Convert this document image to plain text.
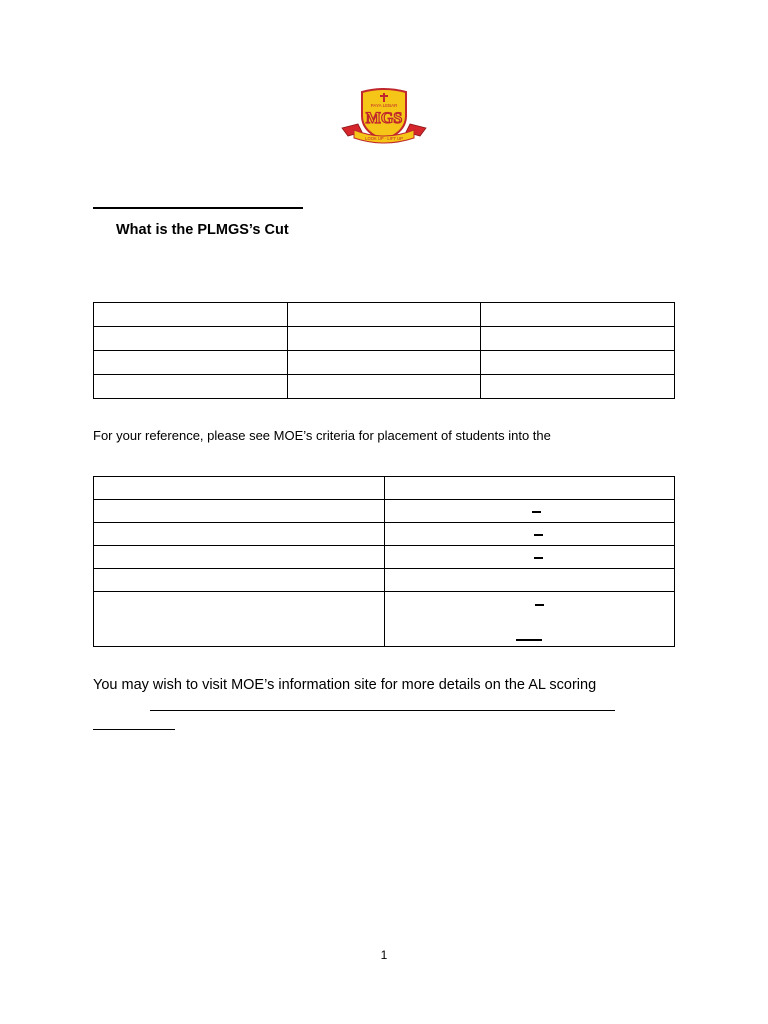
PAYA LEBAR
MGS
LOOK UP · LIFT UP
What is the PLMGS’s Cut

For your reference, please see MOE’s criteria for placement of students into the

You may wish to visit MOE’s information site for more details on the AL scoring
1
